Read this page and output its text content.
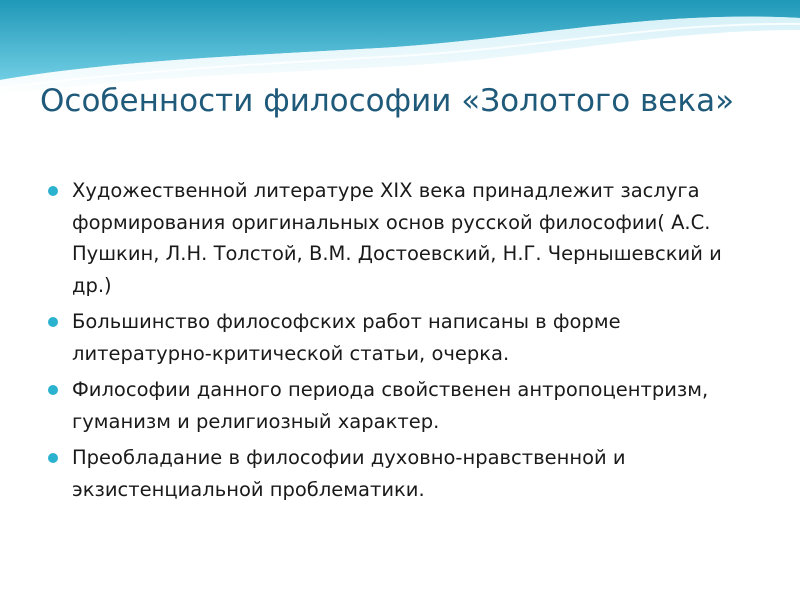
Особенности философии «Золотого века»
Художественной литературе XIX века принадлежит заслуга формирования оригинальных основ русской философии( А.С. Пушкин, Л.Н. Толстой, В.М. Достоевский, Н.Г. Чернышевский и др.)
Большинство философских работ написаны в форме литературно-критической статьи, очерка.
Философии данного периода свойственен антропоцентризм, гуманизм и религиозный характер.
Преобладание в философии духовно-нравственной и экзистенциальной проблематики.
